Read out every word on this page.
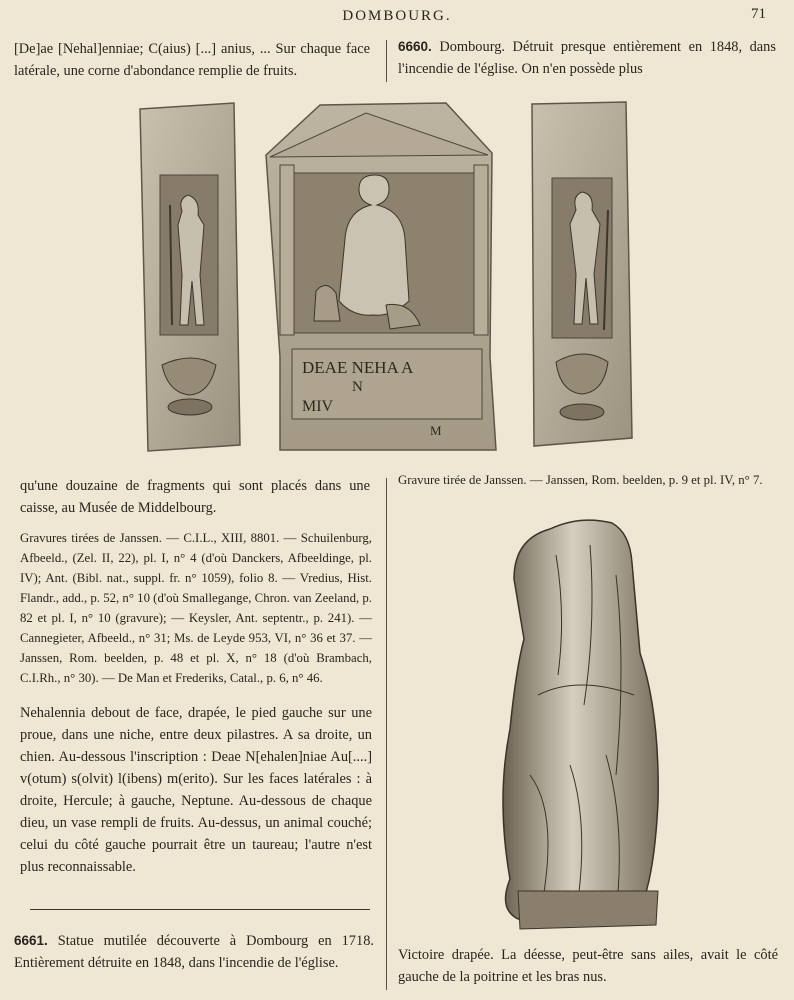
DOMBOURG.	71

[De]ae [Nehal]enniae; C(aius) [...] anius, ... Sur chaque face latérale, une corne d'abondance remplie de fruits.

6660. Dombourg. Détruit presque entièrement en 1848, dans l'incendie de l'église. On n'en possède plus

DEAE NEHA A
N
MIV
M

qu'une douzaine de fragments qui sont placés dans une caisse, au Musée de Middelbourg.

Gravures tirées de Janssen. — C.I.L., XIII, 8801. — Schuilenburg, Afbeeld., (Zel. II, 22), pl. I, n° 4 (d'où Danckers, Afbeeldinge, pl. IV); Ant. (Bibl. nat., suppl. fr. n° 1059), folio 8. — Vredius, Hist. Flandr., add., p. 52, n° 10 (d'où Smallegange, Chron. van Zeeland, p. 82 et pl. I, n° 10 (gravure); — Keysler, Ant. septentr., p. 241). — Cannegieter, Afbeeld., n° 31; Ms. de Leyde 953, VI, n° 36 et 37. — Janssen, Rom. beelden, p. 48 et pl. X, n° 18 (d'où Brambach, C.I.Rh., n° 30). — De Man et Frederiks, Catal., p. 6, n° 46.

Nehalennia debout de face, drapée, le pied gauche sur une proue, dans une niche, entre deux pilastres. A sa droite, un chien. Au-dessous l'inscription : Deae N[ehalen]niae Au[....] v(otum) s(olvit) l(ibens) m(erito). Sur les faces latérales : à droite, Hercule; à gauche, Neptune. Au-dessous de chaque dieu, un vase rempli de fruits. Au-dessus, un animal couché; celui du côté gauche pourrait être un taureau; l'autre n'est plus reconnaissable.

6661. Statue mutilée découverte à Dombourg en 1718. Entièrement détruite en 1848, dans l'incendie de l'église.

Gravure tirée de Janssen. — Janssen, Rom. beelden, p. 9 et pl. IV, n° 7.

Victoire drapée. La déesse, peut-être sans ailes, avait le côté gauche de la poitrine et les bras nus.
